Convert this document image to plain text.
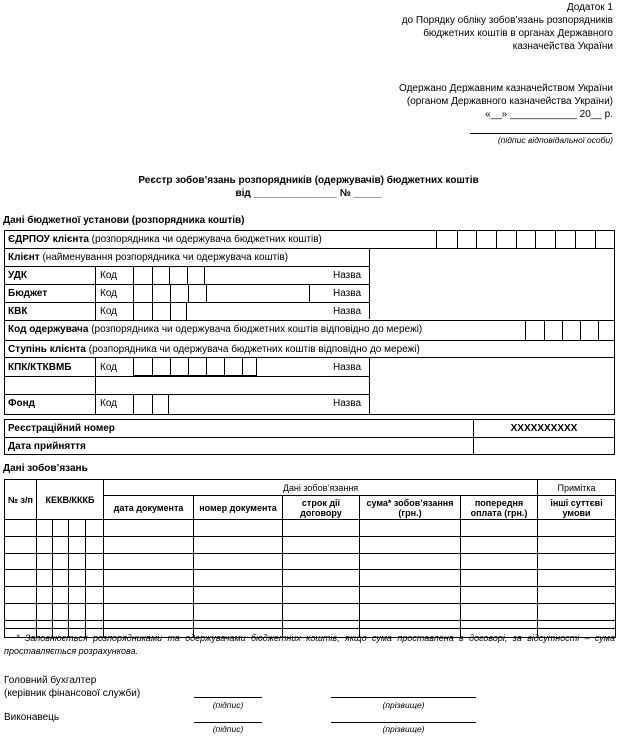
Додаток 1
до Порядку обліку зобов’язань розпорядників
бюджетних коштів в органах Державного
казначейства України
Одержано Державним казначейством України
(органом Державного казначейства України)
«__» ____________ 20__ р.
(підпис відповідальної особи)
Реєстр зобов’язань розпорядників (одержувачів) бюджетних коштів
від _______________ № _____
Дані бюджетної установи (розпорядника коштів)
ЄДРПОУ клієнта (розпорядника чи одержувача бюджетних коштів)
Клієнт (найменування розпорядника чи одержувача коштів)
УДК	Код	Назва
Бюджет	Код	Назва
КВК	Код	Назва
Код одержувача (розпорядника чи одержувача бюджетних коштів відповідно до мережі)
Ступінь клієнта (розпорядника чи одержувача бюджетних коштів відповідно до мережі)
КПК/КТКВМБ	Код	Назва
Фонд	Код	Назва
Реєстраційний номер	XXXXXXXXXX
Дата прийняття
Дані зобов’язань
№ з/п	КЕКВ/КККБ				Дані зобов’язання					Примітка
					дата документа	номер документа	строк дії договору	сума* зобов’язання (грн.)	попередня оплата (грн.)	інші суттєві умови

* Заповнюється розпорядниками та одержувачами бюджетних коштів, якщо сума проставлена в договорі, за відсутності – сума проставляється розрахункова.
Головний бухгалтер
(керівник фінансової служби)
(підпис)	(прізвище)
Виконавець
(підпис)	(прізвище)
